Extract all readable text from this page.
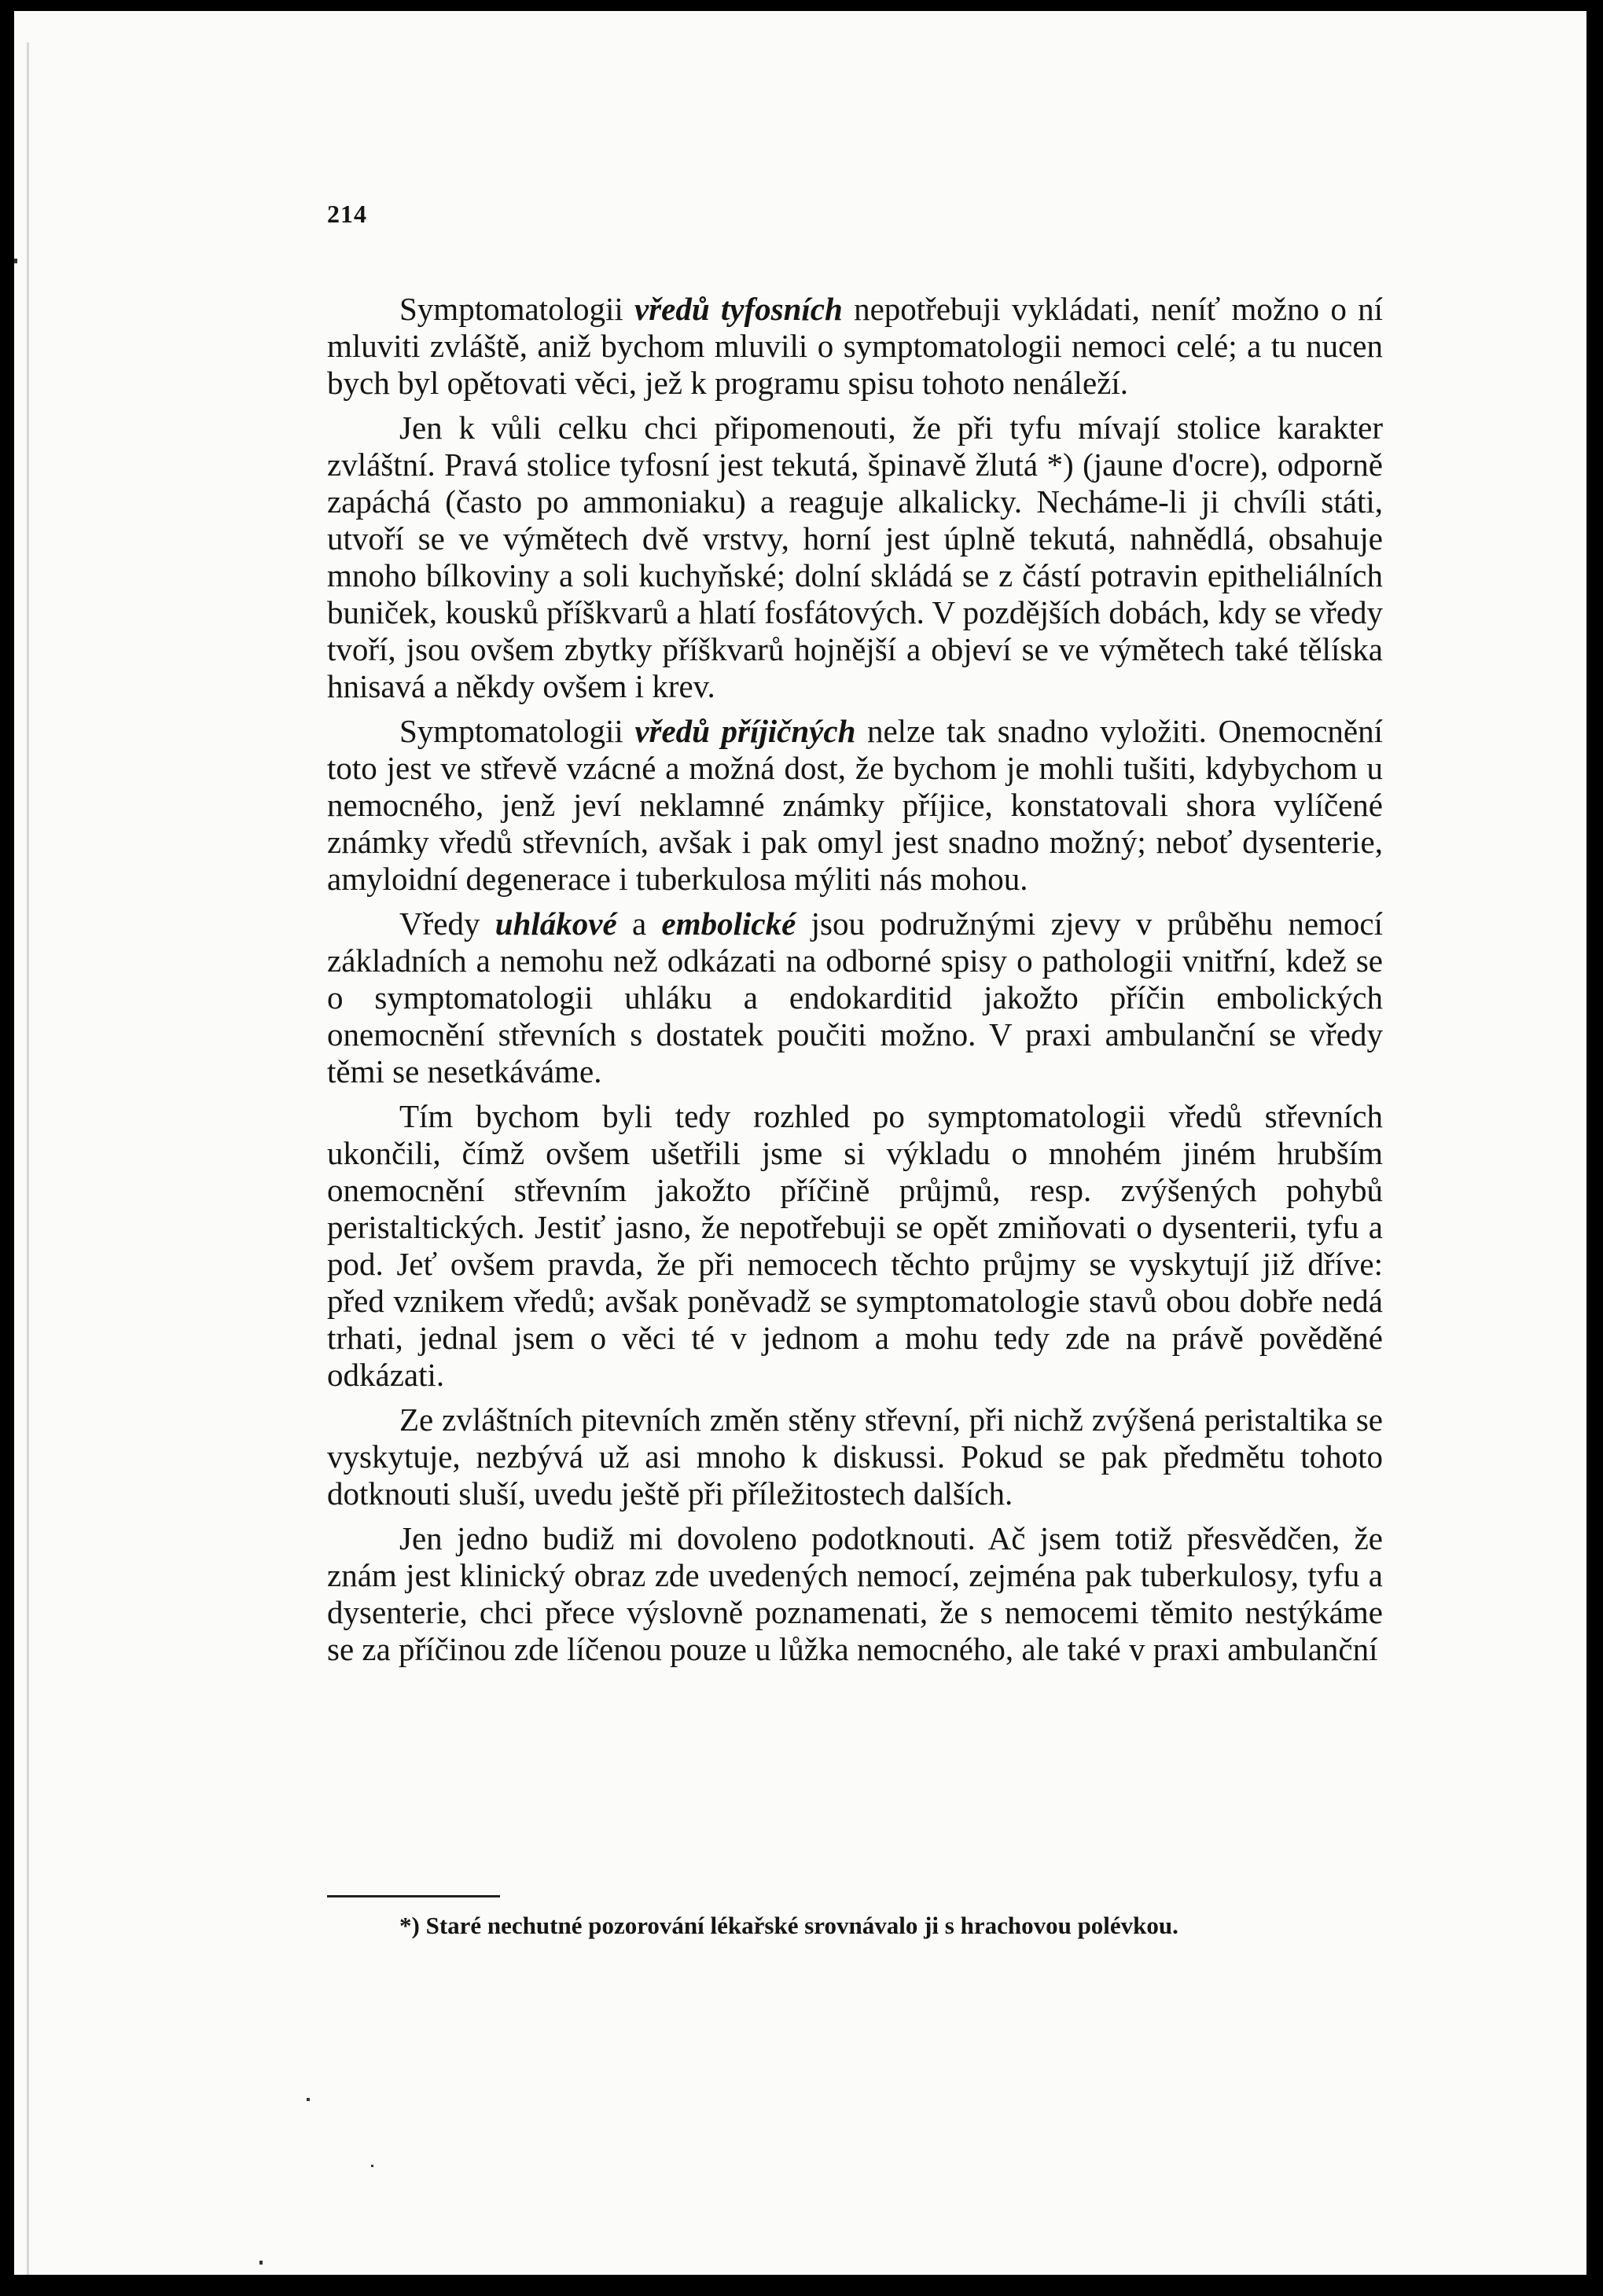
214

Symptomatologii vředů tyfosních nepotřebuji vykládati, neníť možno o ní mluviti zvláště, aniž bychom mluvili o symptomatologii nemoci celé; a tu nucen bych byl opětovati věci, jež k programu spisu tohoto nenáleží.

Jen k vůli celku chci připomenouti, že při tyfu mívají stolice karakter zvláštní. Pravá stolice tyfosní jest tekutá, špinavě žlutá *) (jaune d'ocre), odporně zapáchá (často po ammoniaku) a reaguje alkalicky. Necháme-li ji chvíli státi, utvoří se ve výmětech dvě vrstvy, horní jest úplně tekutá, nahnědlá, obsahuje mnoho bílkoviny a soli kuchyňské; dolní skládá se z částí potravin epitheliálních buniček, kousků příškvarů a hlatí fosfátových. V pozdějších dobách, kdy se vředy tvoří, jsou ovšem zbytky příškvarů hojnější a objeví se ve výmětech také tělíska hnisavá a někdy ovšem i krev.

Symptomatologii vředů příjičných nelze tak snadno vyložiti. Onemocnění toto jest ve střevě vzácné a možná dost, že bychom je mohli tušiti, kdybychom u nemocného, jenž jeví neklamné známky příjice, konstatovali shora vylíčené známky vředů střevních, avšak i pak omyl jest snadno možný; neboť dysenterie, amyloidní degenerace i tuberkulosa mýliti nás mohou.

Vředy uhlákové a embolické jsou podružnými zjevy v průběhu nemocí základních a nemohu než odkázati na odborné spisy o pathologii vnitřní, kdež se o symptomatologii uhláku a endokarditid jakožto příčin embolických onemocnění střevních s dostatek poučiti možno. V praxi ambulanční se vředy těmi se nesetkáváme.

Tím bychom byli tedy rozhled po symptomatologii vředů střevních ukončili, čímž ovšem ušetřili jsme si výkladu o mnohém jiném hrubším onemocnění střevním jakožto příčině průjmů, resp. zvýšených pohybů peristaltických. Jestiť jasno, že nepotřebuji se opět zmiňovati o dysenterii, tyfu a pod. Jeť ovšem pravda, že při nemocech těchto průjmy se vyskytují již dříve: před vznikem vředů; avšak poněvadž se symptomatologie stavů obou dobře nedá trhati, jednal jsem o věci té v jednom a mohu tedy zde na právě pověděné odkázati.

Ze zvláštních pitevních změn stěny střevní, při nichž zvýšená peristaltika se vyskytuje, nezbývá už asi mnoho k diskussi. Pokud se pak předmětu tohoto dotknouti sluší, uvedu ještě při příležitostech dalších.

Jen jedno budiž mi dovoleno podotknouti. Ač jsem totiž přesvědčen, že znám jest klinický obraz zde uvedených nemocí, zejména pak tuberkulosy, tyfu a dysenterie, chci přece výslovně poznamenati, že s nemocemi těmito nestýkáme se za příčinou zde líčenou pouze u lůžka nemocného, ale také v praxi ambulanční

*) Staré nechutné pozorování lékařské srovnávalo ji s hrachovou polévkou.
